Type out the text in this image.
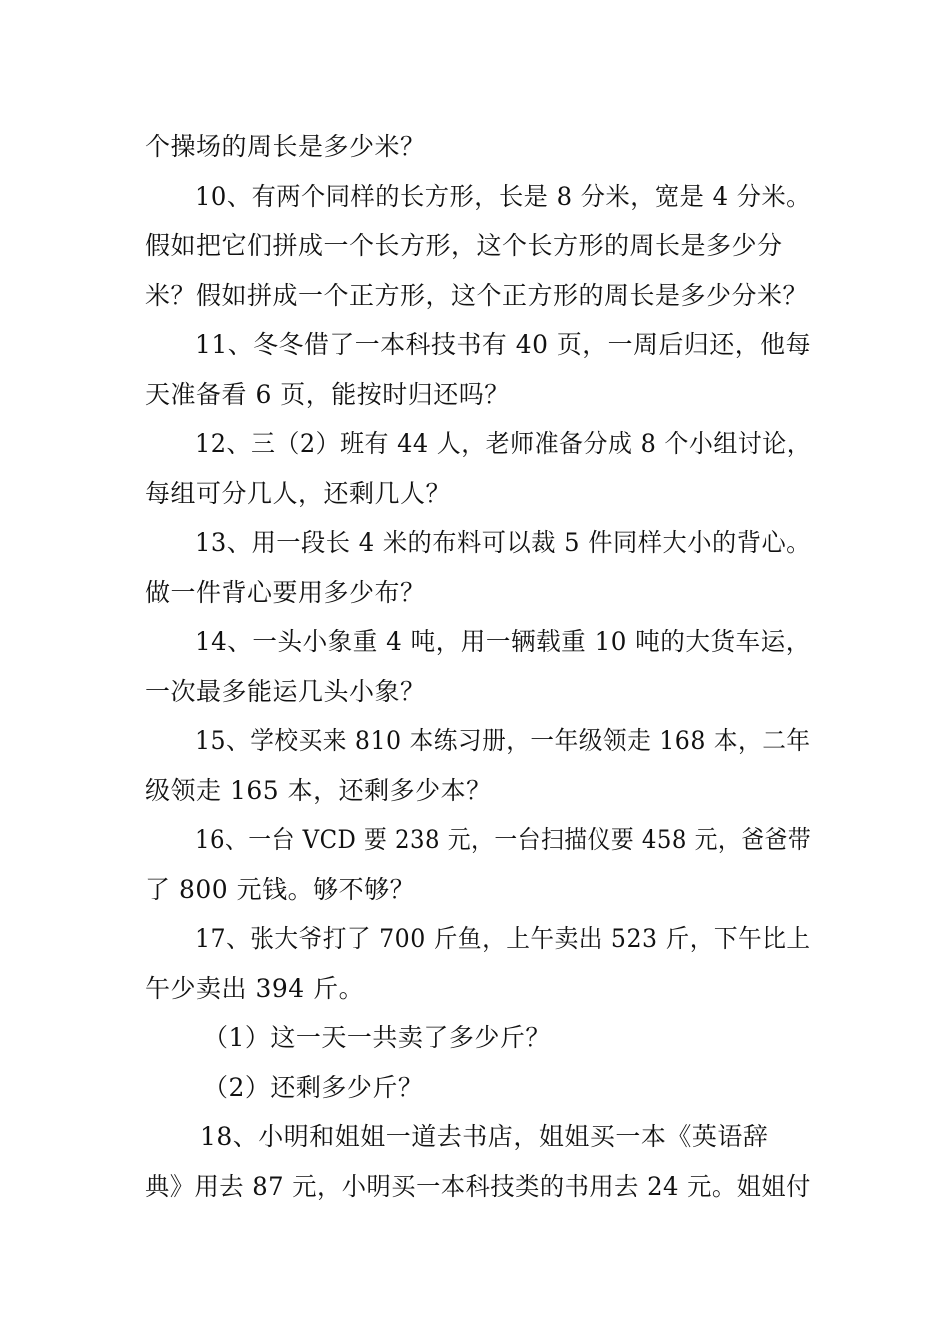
个操场的周长是多少米？
10、有两个同样的长方形，长是 8 分米，宽是 4 分米。
假如把它们拼成一个长方形，这个长方形的周长是多少分
米？假如拼成一个正方形，这个正方形的周长是多少分米？
11、冬冬借了一本科技书有 40 页，一周后归还，他每
天准备看 6 页，能按时归还吗？
12、三（2）班有 44 人，老师准备分成 8 个小组讨论，
每组可分几人，还剩几人？
13、用一段长 4 米的布料可以裁 5 件同样大小的背心。
做一件背心要用多少布？
14、一头小象重 4 吨，用一辆载重 10 吨的大货车运，
一次最多能运几头小象？
15、学校买来 810 本练习册，一年级领走 168 本，二年
级领走 165 本，还剩多少本？
16、一台 VCD 要 238 元，一台扫描仪要 458 元，爸爸带
了 800 元钱。够不够？
17、张大爷打了 700 斤鱼，上午卖出 523 斤，下午比上
午少卖出 394 斤。
（1）这一天一共卖了多少斤？
（2）还剩多少斤？
18、小明和姐姐一道去书店，姐姐买一本《英语辞
典》用去 87 元，小明买一本科技类的书用去 24 元。姐姐付
